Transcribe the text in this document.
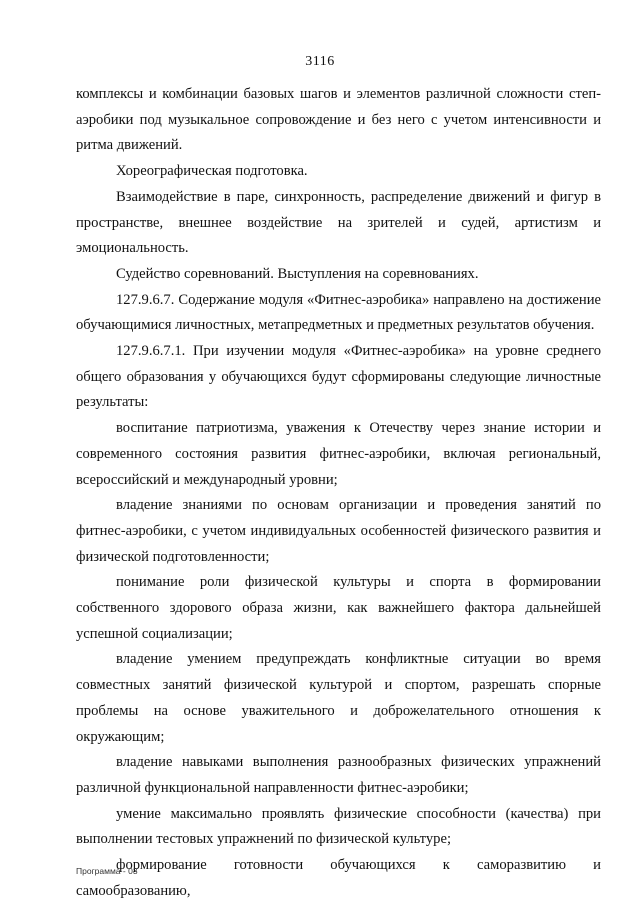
3116

комплексы и комбинации базовых шагов и элементов различной сложности степ-аэробики под музыкальное сопровождение и без него с учетом интенсивности и ритма движений.

Хореографическая подготовка.

Взаимодействие в паре, синхронность, распределение движений и фигур в пространстве, внешнее воздействие на зрителей и судей, артистизм и эмоциональность.

Судейство соревнований. Выступления на соревнованиях.

127.9.6.7. Содержание модуля «Фитнес-аэробика» направлено на достижение обучающимися личностных, метапредметных и предметных результатов обучения.

127.9.6.7.1. При изучении модуля «Фитнес-аэробика» на уровне среднего общего образования у обучающихся будут сформированы следующие личностные результаты:

воспитание патриотизма, уважения к Отечеству через знание истории и современного состояния развития фитнес-аэробики, включая региональный, всероссийский и международный уровни;

владение знаниями по основам организации и проведения занятий по фитнес-аэробики, с учетом индивидуальных особенностей физического развития и физической подготовленности;

понимание роли физической культуры и спорта в формировании собственного здорового образа жизни, как важнейшего фактора дальнейшей успешной социализации;

владение умением предупреждать конфликтные ситуации во время совместных занятий физической культурой и спортом, разрешать спорные проблемы на основе уважительного и доброжелательного отношения к окружающим;

владение навыками выполнения разнообразных физических упражнений различной функциональной направленности фитнес-аэробики;

умение максимально проявлять физические способности (качества) при выполнении тестовых упражнений по физической культуре;

формирование готовности обучающихся к саморазвитию и самообразованию,

Программа - 03
